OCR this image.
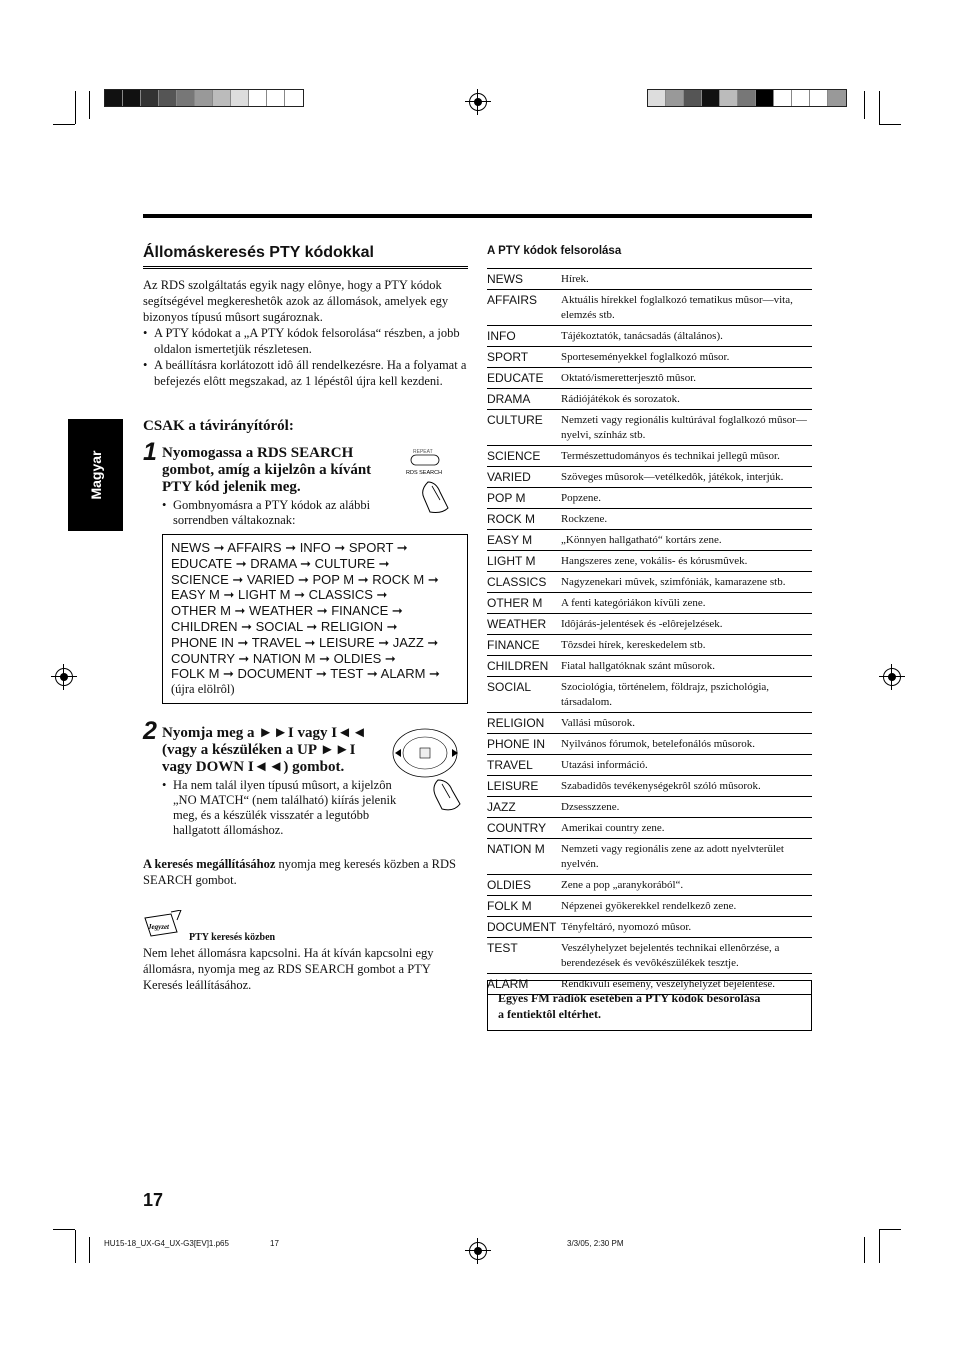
Állomáskeresés PTY kódokkal

Az RDS szolgáltatás egyik nagy elônye, hogy a PTY kódok segítségével megkereshetôk azok az állomások, amelyek egy bizonyos típusú mûsort sugároznak.

• A PTY kódokat a „A PTY kódok felsorolása“ részben, a jobb oldalon ismertetjük részletesen.
• A beállításra korlátozott idô áll rendelkezésre. Ha a folyamat a befejezés elôtt megszakad, az 1 lépéstôl újra kell kezdeni.
Magyar
CSAK a távirányítóról:
1 Nyomogassa a RDS SEARCH gombot, amíg a kijelzôn a kívánt PTY kód jelenik meg.
• Gombnyomásra a PTY kódok az alábbi sorrendben váltakoznak:
REPEAT
RDS SEARCH
NEWS ➞ AFFAIRS ➞ INFO ➞ SPORT ➞
EDUCATE ➞ DRAMA ➞ CULTURE ➞
SCIENCE ➞ VARIED ➞ POP M ➞ ROCK M ➞
EASY M ➞ LIGHT M ➞ CLASSICS ➞
OTHER M ➞ WEATHER ➞ FINANCE ➞
CHILDREN ➞ SOCIAL ➞ RELIGION ➞
PHONE IN ➞ TRAVEL ➞ LEISURE ➞ JAZZ ➞
COUNTRY ➞ NATION M ➞ OLDIES ➞
FOLK M ➞ DOCUMENT ➞ TEST ➞ ALARM ➞
(újra elölrôl)
2 Nyomja meg a ►►I vagy I◄◄
(vagy a készüléken a UP ►►I
vagy DOWN I◄◄) gombot.
• Ha nem talál ilyen típusú mûsort, a kijelzôn „NO MATCH“ (nem található) kiírás jelenik meg, és a készülék visszatér a legutóbb hallgatott állomáshoz.
A keresés megállításához nyomja meg keresés közben a RDS SEARCH gombot.
Jegyzet
PTY keresés közben
Nem lehet állomásra kapcsolni. Ha át kíván kapcsolni egy állomásra, nyomja meg az RDS SEARCH gombot a PTY Keresés leállításához.
A PTY kódok felsorolása
NEWS	Hírek.
AFFAIRS	Aktuális hírekkel foglalkozó tematikus mûsor—vita, elemzés stb.
INFO	Tájékoztatók, tanácsadás (általános).
SPORT	Sporteseményekkel foglalkozó mûsor.
EDUCATE	Oktató/ismeretterjesztô mûsor.
DRAMA	Rádiójátékok és sorozatok.
CULTURE	Nemzeti vagy regionális kultúrával foglalkozó mûsor—nyelvi, színház stb.
SCIENCE	Természettudományos és technikai jellegû mûsor.
VARIED	Szöveges mûsorok—vetélkedôk, játékok, interjúk.
POP M	Popzene.
ROCK M	Rockzene.
EASY M	„Könnyen hallgatható“ kortárs zene.
LIGHT M	Hangszeres zene, vokális- és kórusmûvek.
CLASSICS	Nagyzenekari mûvek, szimfóniák, kamarazene stb.
OTHER M	A fenti kategóriákon kívüli zene.
WEATHER	Idôjárás-jelentések és -elôrejelzések.
FINANCE	Tôzsdei hírek, kereskedelem stb.
CHILDREN	Fiatal hallgatóknak szánt mûsorok.
SOCIAL	Szociológia, történelem, földrajz, pszichológia, társadalom.
RELIGION	Vallási mûsorok.
PHONE IN	Nyilvános fórumok, betelefonálós mûsorok.
TRAVEL	Utazási információ.
LEISURE	Szabadidôs tevékenységekrôl szóló mûsorok.
JAZZ	Dzsesszzene.
COUNTRY	Amerikai country zene.
NATION M	Nemzeti vagy regionális zene az adott nyelvterület nyelvén.
OLDIES	Zene a pop „aranykorából“.
FOLK M	Népzenei gyökerekkel rendelkezô zene.
DOCUMENT	Tényfeltáró, nyomozó mûsor.
TEST	Veszélyhelyzet bejelentés technikai ellenôrzése, a berendezések és vevôkészülékek tesztje.
ALARM	Rendkívüli esemény, veszélyhelyzet bejelentése.
Egyes FM rádiók esetében a PTY kódok besorolása
a fentiektôl eltérhet.
17
HU15-18_UX-G4_UX-G3[EV]1.p65	17	3/3/05, 2:30 PM
